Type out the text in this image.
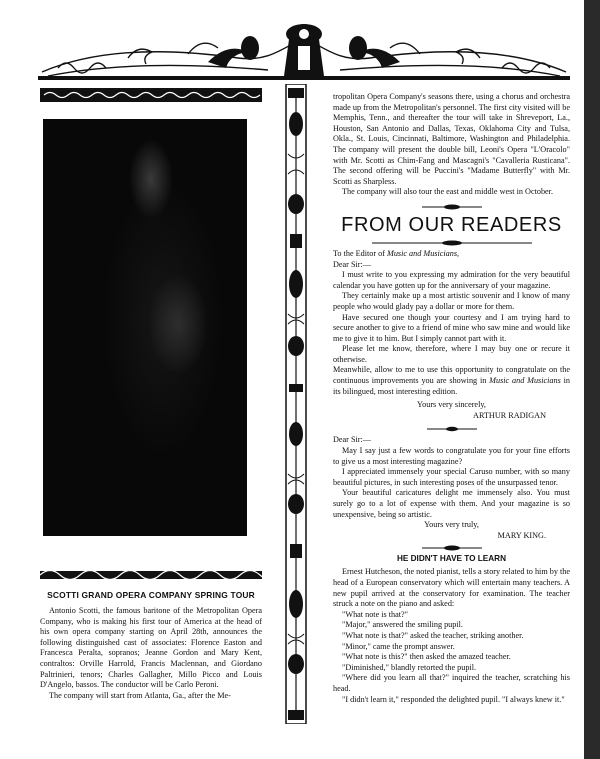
SCOTTI GRAND OPERA COMPANY SPRING TOUR

Antonio Scotti, the famous baritone of the Metropolitan Opera Company, who is making his first tour of America at the head of his own opera company starting on April 28th, announces the following distinguished cast of associates: Florence Easton and Francesca Peralta, sopranos; Jeanne Gordon and Mary Kent, contraltos: Orville Harrold, Francis Maclennan, and Giordano Paltrinieri, tenors; Charles Gallagher, Millo Picco and Louis D'Angelo, bassos. The conductor will be Carlo Peroni.

The company will start from Atlanta, Ga., after the Me-

tropolitan Opera Company's seasons there, using a chorus and orchestra made up from the Metropolitan's personnel. The first city visited will be Memphis, Tenn., and thereafter the tour will take in Shreveport, La., Houston, San Antonio and Dallas, Texas, Oklahoma City and Tulsa, Okla., St. Louis, Cincinnati, Baltimore, Washington and Philadelphia. The company will present the double bill, Leoni's Opera "L'Oracolo" with Mr. Scotti as Chim-Fang and Mascagni's "Cavalleria Rusticana". The second offering will be Puccini's "Madame Butterfly" with Mr. Scotti as Sharpless.

The company will also tour the east and middle west in October.

FROM OUR READERS

To the Editor of Music and Musicians,

Dear Sir:—

I must write to you expressing my admiration for the very beautiful calendar you have gotten up for the anniversary of your magazine.

They certainly make up a most artistic souvenir and I know of many people who would glady pay a dollar or more for them.

Have secured one though your courtesy and I am trying hard to secure another to give to a friend of mine who saw mine and would like me to give it to him. But I simply cannot part with it.

Please let me know, therefore, where I may buy one or recure it otherwise.

Meanwhile, allow to me to use this opportunity to congratulate on the continuous improvements you are showing in Music and Musicians in its bilingued, most interesting edition.

Yours very sincerely,

ARTHUR RADIGAN

Dear Sir:—

May I say just a few words to congratulate you for your fine efforts to give us a most interesting magazine?

I appreciated immensely your special Caruso number, with so many beautiful pictures, in such interesting poses of the unsurpassed tenor.

Your beautiful caricatures delight me immensely also. You must surely go to a lot of expense with them. And your magazine is so unexpensive, being so artistic.

Yours very truly,

MARY KING.

HE DIDN'T HAVE TO LEARN

Ernest Hutcheson, the noted pianist, tells a story related to him by the head of a European conservatory which will entertain many teachers. A new pupil arrived at the conservatory for examination. The teacher struck a note on the piano and asked:

"What note is that?"

"Major," answered the smiling pupil.

"What note is that?" asked the teacher, striking another.

"Minor," came the prompt answer.

"What note is this?" then asked the amazed teacher.

"Diminished," blandly retorted the pupil.

"Where did you learn all that?" inquired the teacher, scratching his head.

"I didn't learn it," responded the delighted pupil. "I always knew it."
